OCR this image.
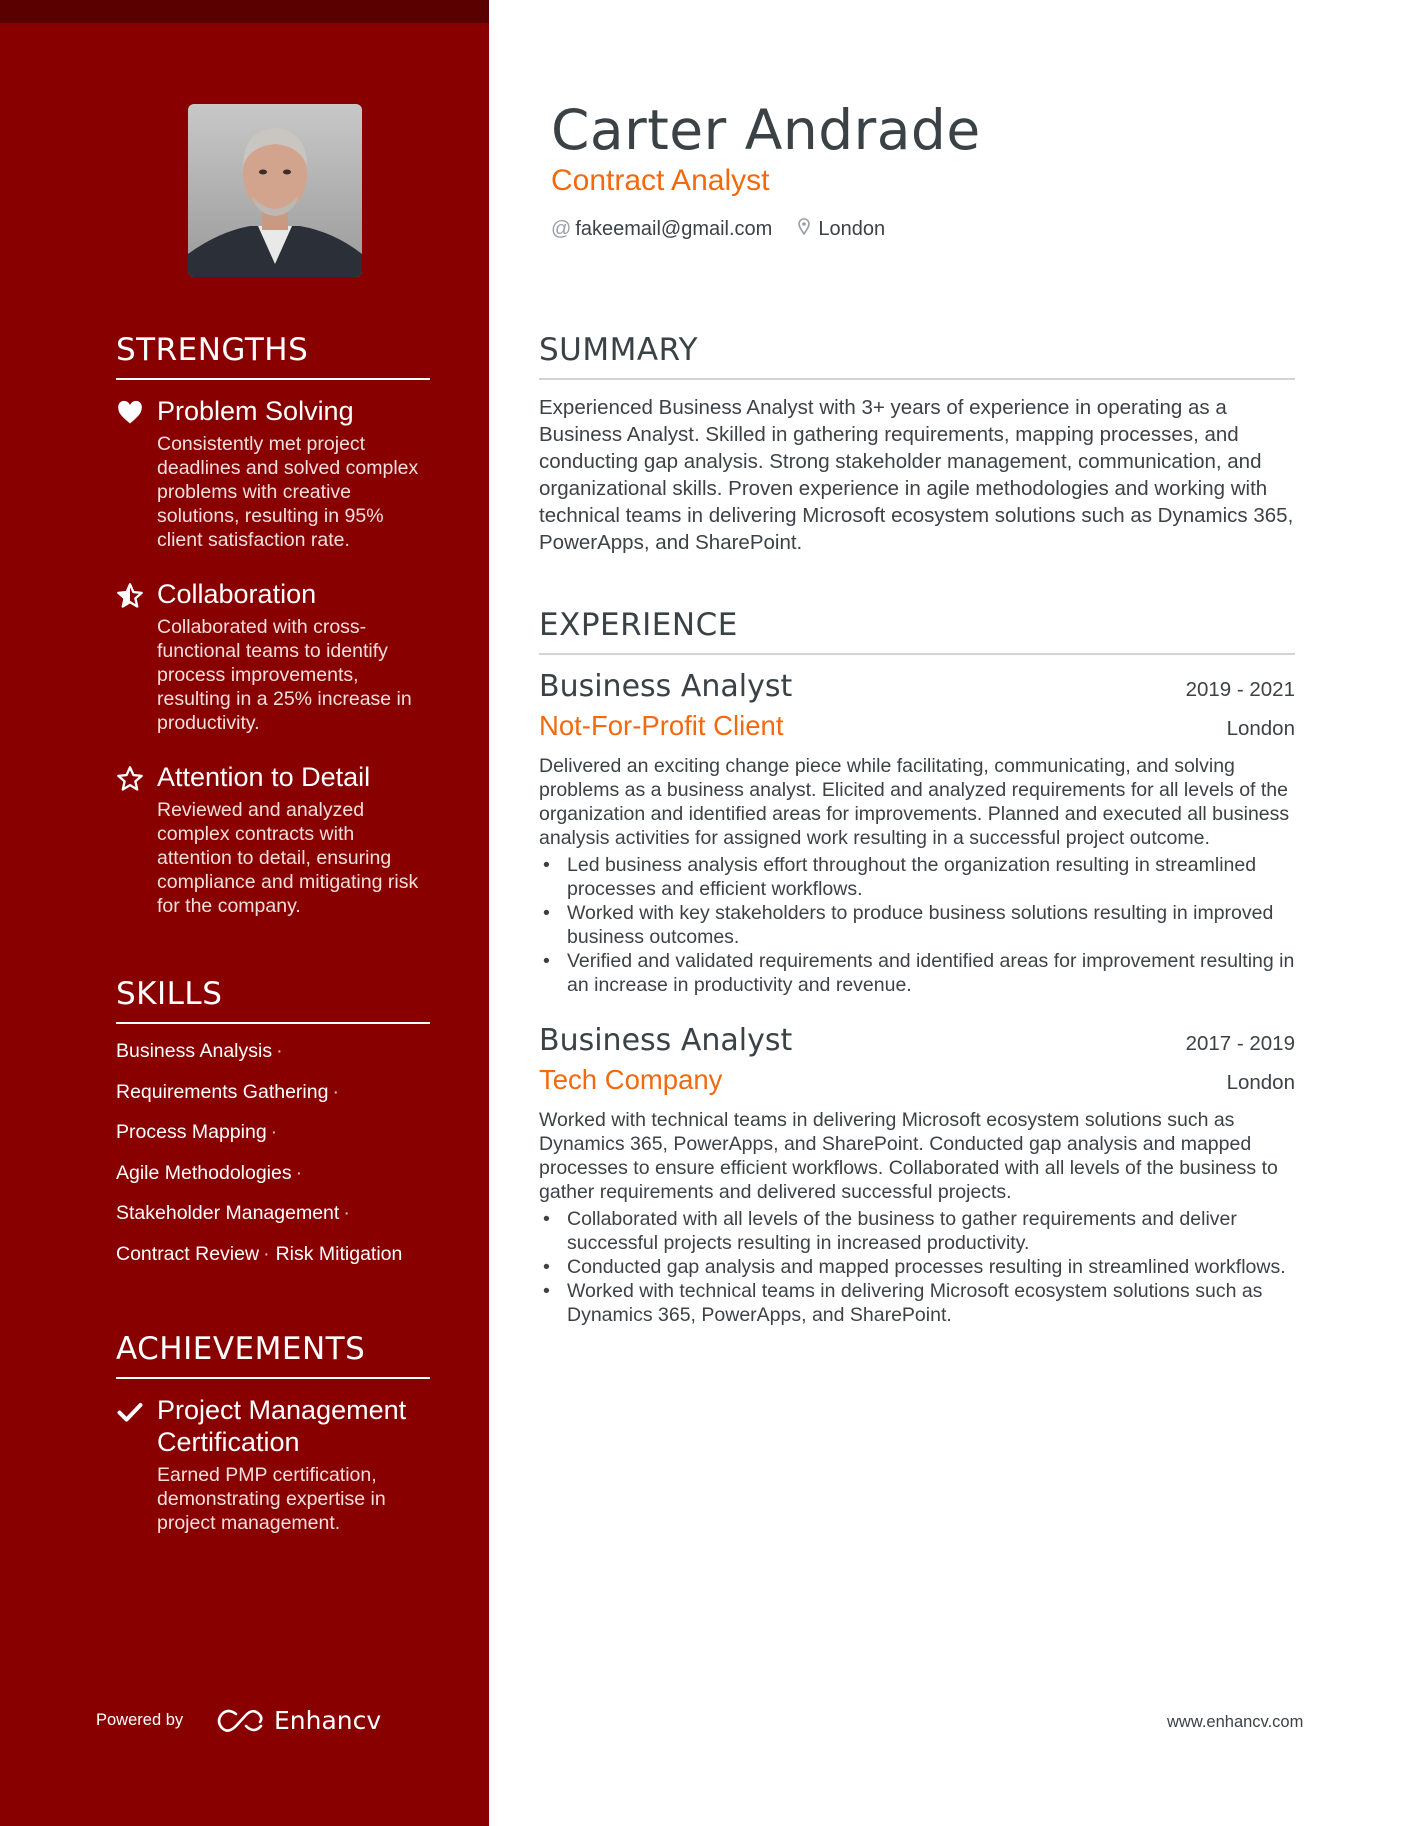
STRENGTHS
Problem Solving
Consistently met project deadlines and solved complex problems with creative solutions, resulting in 95% client satisfaction rate.
Collaboration
Collaborated with cross-functional teams to identify process improvements, resulting in a 25% increase in productivity.
Attention to Detail
Reviewed and analyzed complex contracts with attention to detail, ensuring compliance and mitigating risk for the company.
SKILLS
Business Analysis ·
Requirements Gathering ·
Process Mapping ·
Agile Methodologies ·
Stakeholder Management ·
Contract Review · Risk Mitigation
ACHIEVEMENTS
Project Management Certification
Earned PMP certification, demonstrating expertise in project management.
Powered by	Enhancv
Carter Andrade
Contract Analyst
@ fakeemail@gmail.com London
SUMMARY
Experienced Business Analyst with 3+ years of experience in operating as a Business Analyst. Skilled in gathering requirements, mapping processes, and conducting gap analysis. Strong stakeholder management, communication, and organizational skills. Proven experience in agile methodologies and working with technical teams in delivering Microsoft ecosystem solutions such as Dynamics 365, PowerApps, and SharePoint.
EXPERIENCE
Business Analyst	2019 - 2021
Not-For-Profit Client	London
Delivered an exciting change piece while facilitating, communicating, and solving problems as a business analyst. Elicited and analyzed requirements for all levels of the organization and identified areas for improvements. Planned and executed all business analysis activities for assigned work resulting in a successful project outcome.
• Led business analysis effort throughout the organization resulting in streamlined processes and efficient workflows.
• Worked with key stakeholders to produce business solutions resulting in improved business outcomes.
• Verified and validated requirements and identified areas for improvement resulting in an increase in productivity and revenue.
Business Analyst	2017 - 2019
Tech Company	London
Worked with technical teams in delivering Microsoft ecosystem solutions such as Dynamics 365, PowerApps, and SharePoint. Conducted gap analysis and mapped processes to ensure efficient workflows. Collaborated with all levels of the business to gather requirements and delivered successful projects.
• Collaborated with all levels of the business to gather requirements and deliver successful projects resulting in increased productivity.
• Conducted gap analysis and mapped processes resulting in streamlined workflows.
• Worked with technical teams in delivering Microsoft ecosystem solutions such as Dynamics 365, PowerApps, and SharePoint.
www.enhancv.com
